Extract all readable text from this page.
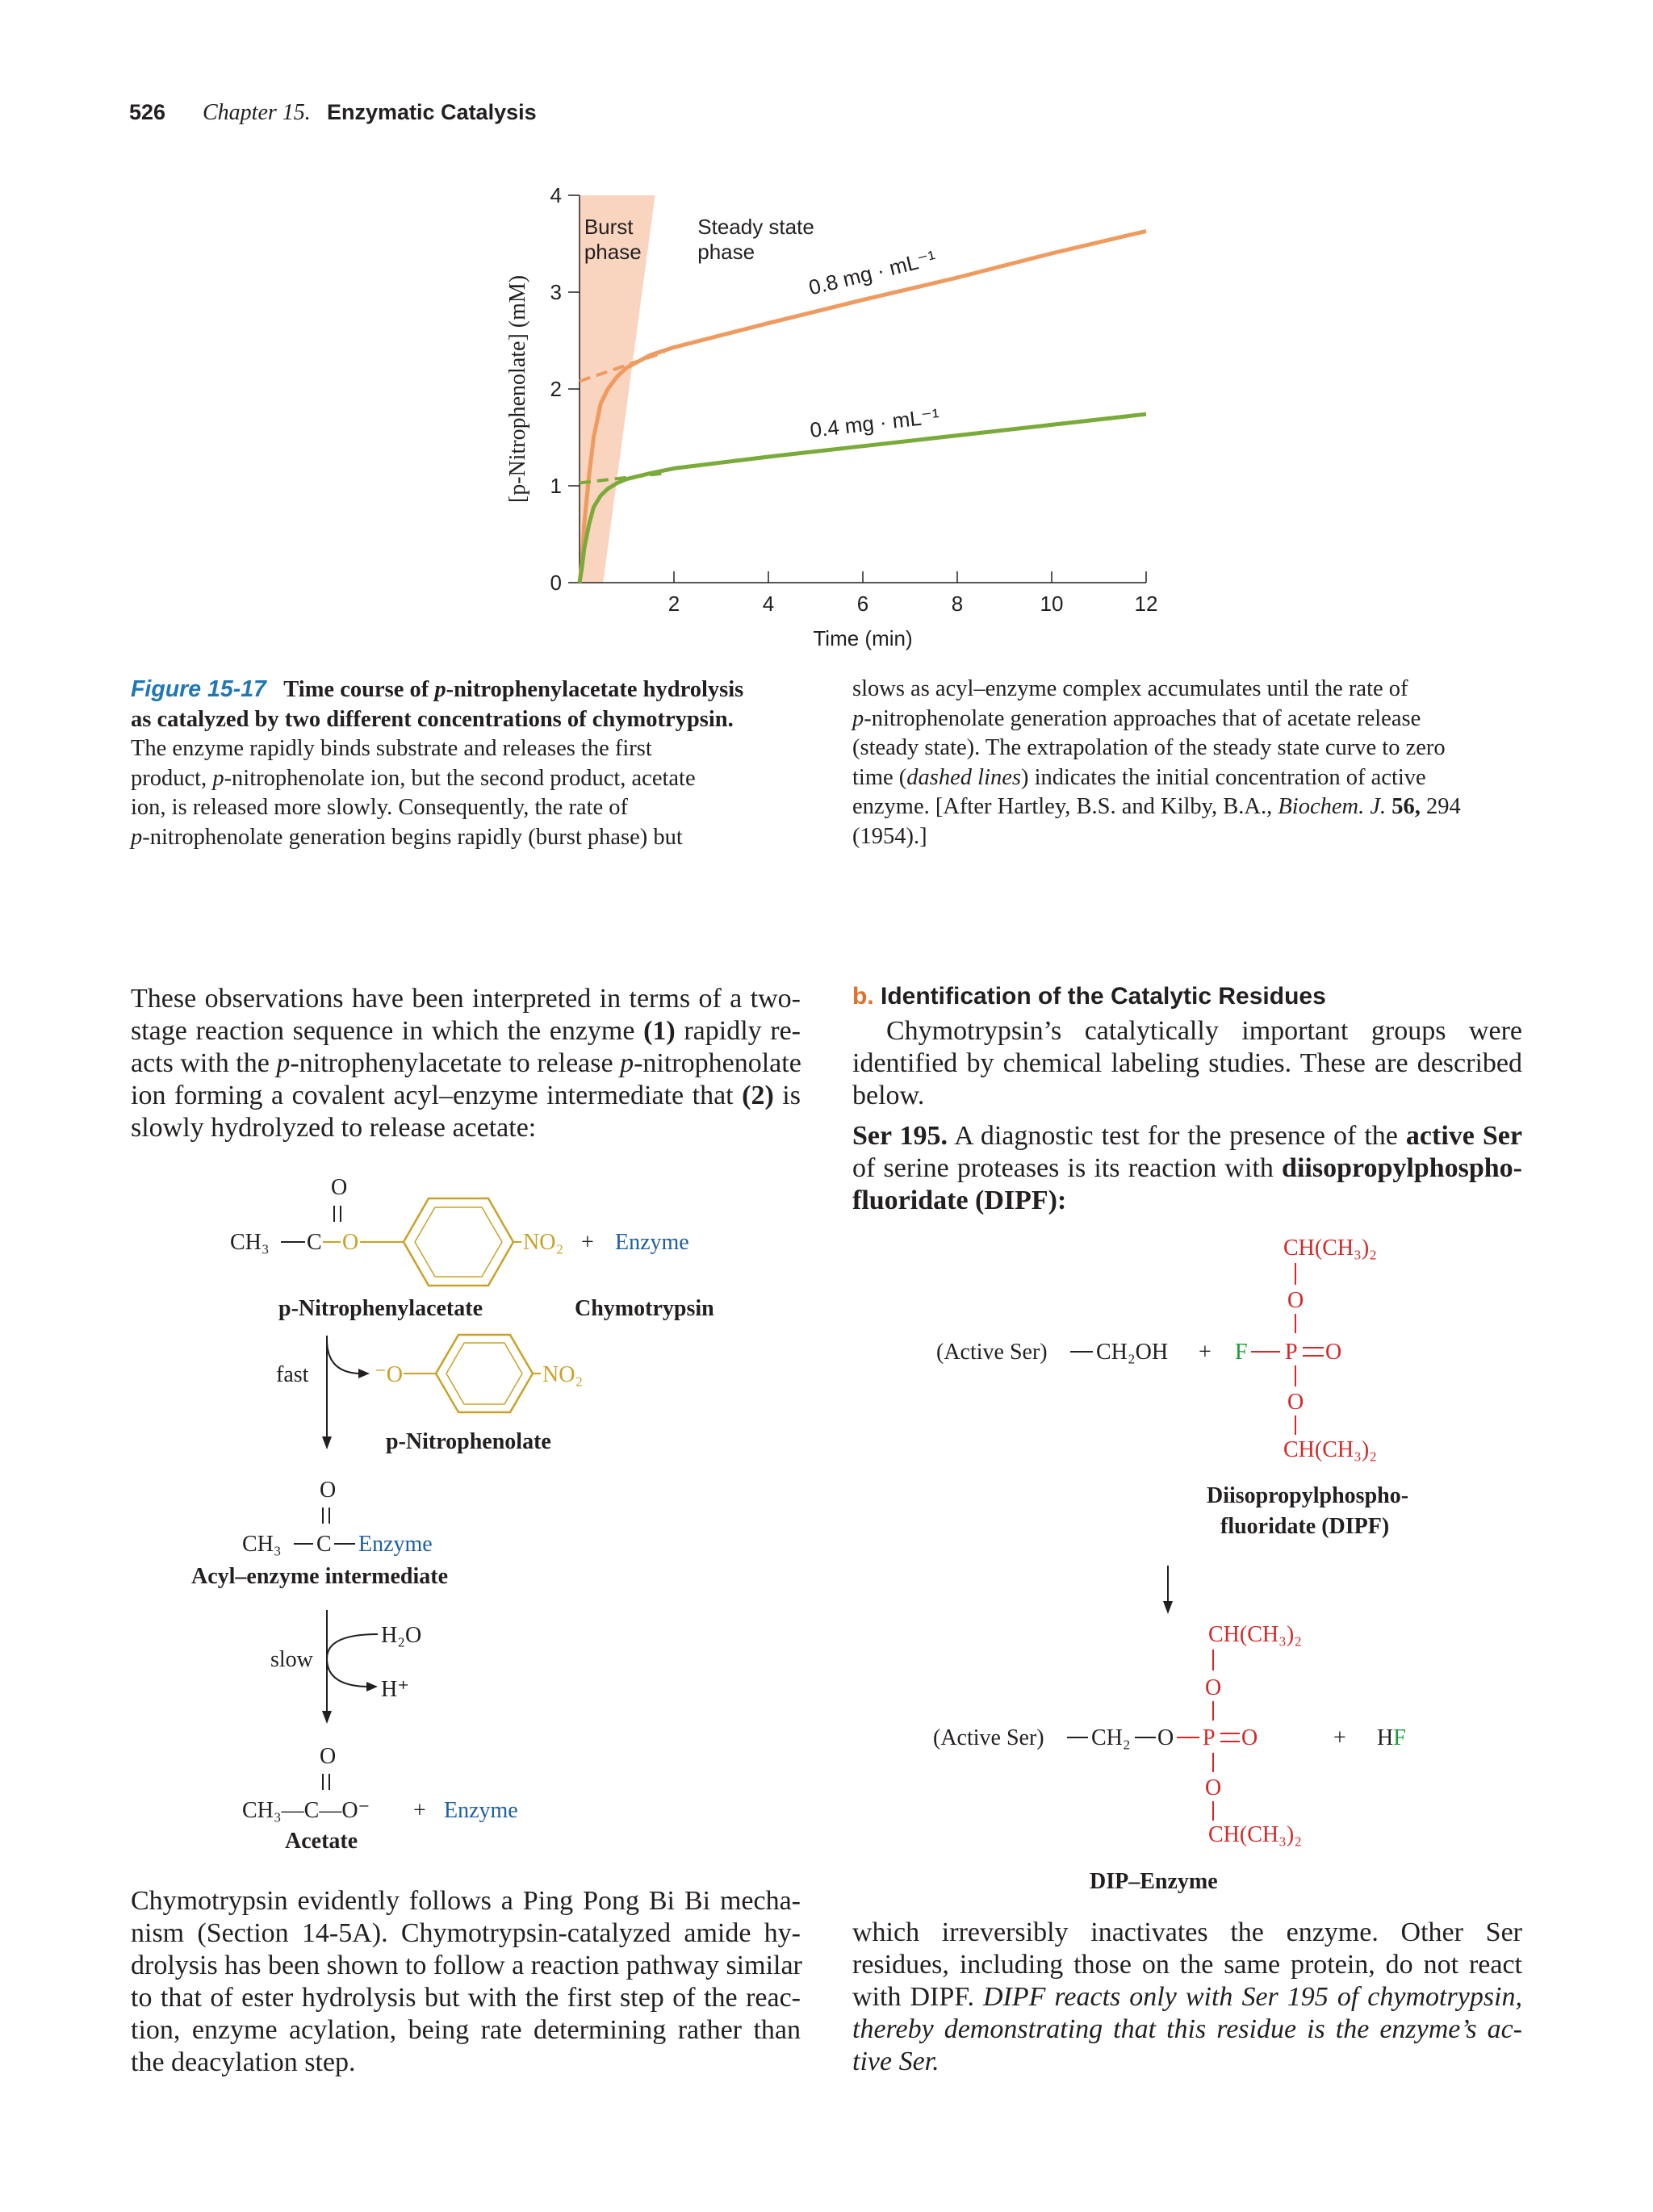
526 Chapter 15. Enzymatic Catalysis
0
1
2
3
4
2	4	6	8	10	12
Time (min)
[p-Nitrophenolate] (mM)
Burst
phase
Steady state
phase 0.8 mg · mL⁻¹
0.4 mg · mL⁻¹
Figure 15-17 Time course of p-nitrophenylacetate hydrolysis
as catalyzed by two different concentrations of chymotrypsin.
The enzyme rapidly binds substrate and releases the first
product, p-nitrophenolate ion, but the second product, acetate
ion, is released more slowly. Consequently, the rate of
p-nitrophenolate generation begins rapidly (burst phase) but
slows as acyl–enzyme complex accumulates until the rate of
p-nitrophenolate generation approaches that of acetate release
(steady state). The extrapolation of the steady state curve to zero
time (dashed lines) indicates the initial concentration of active
enzyme. [After Hartley, B.S. and Kilby, B.A., Biochem. J. 56, 294
(1954).]
These observations have been interpreted in terms of a two-
stage reaction sequence in which the enzyme (1) rapidly re-
acts with the p-nitrophenylacetate to release p-nitrophenolate
ion forming a covalent acyl–enzyme intermediate that (2) is
slowly hydrolyzed to release acetate:
O
CH₃ C O	NO₂ + Enzyme
p-Nitrophenylacetate	Chymotrypsin
fast	⁻O	NO₂
p-Nitrophenolate
O
CH₃ C Enzyme
Acyl–enzyme intermediate
slow
H₂O
H⁺
O
CH₃—C—O⁻ + Enzyme
Acetate
Chymotrypsin evidently follows a Ping Pong Bi Bi mecha-
nism (Section 14-5A). Chymotrypsin-catalyzed amide hy-
drolysis has been shown to follow a reaction pathway similar
to that of ester hydrolysis but with the first step of the reac-
tion, enzyme acylation, being rate determining rather than
the deacylation step.
b. Identification of the Catalytic Residues
Chymotrypsin’s catalytically important groups were
identified by chemical labeling studies. These are described
below.
Ser 195. A diagnostic test for the presence of the active Ser
of serine proteases is its reaction with diisopropylphospho-
fluoridate (DIPF):
CH(CH₃)₂
O
(Active Ser) CH₂OH + F P O
O
CH(CH₃)₂
Diisopropylphospho-
fluoridate (DIPF)
CH(CH₃)₂
O
(Active Ser) CH₂ O P O	+ HF
O
CH(CH₃)₂
DIP–Enzyme
which irreversibly inactivates the enzyme. Other Ser
residues, including those on the same protein, do not react
with DIPF. DIPF reacts only with Ser 195 of chymotrypsin,
thereby demonstrating that this residue is the enzyme’s ac-
tive Ser.
